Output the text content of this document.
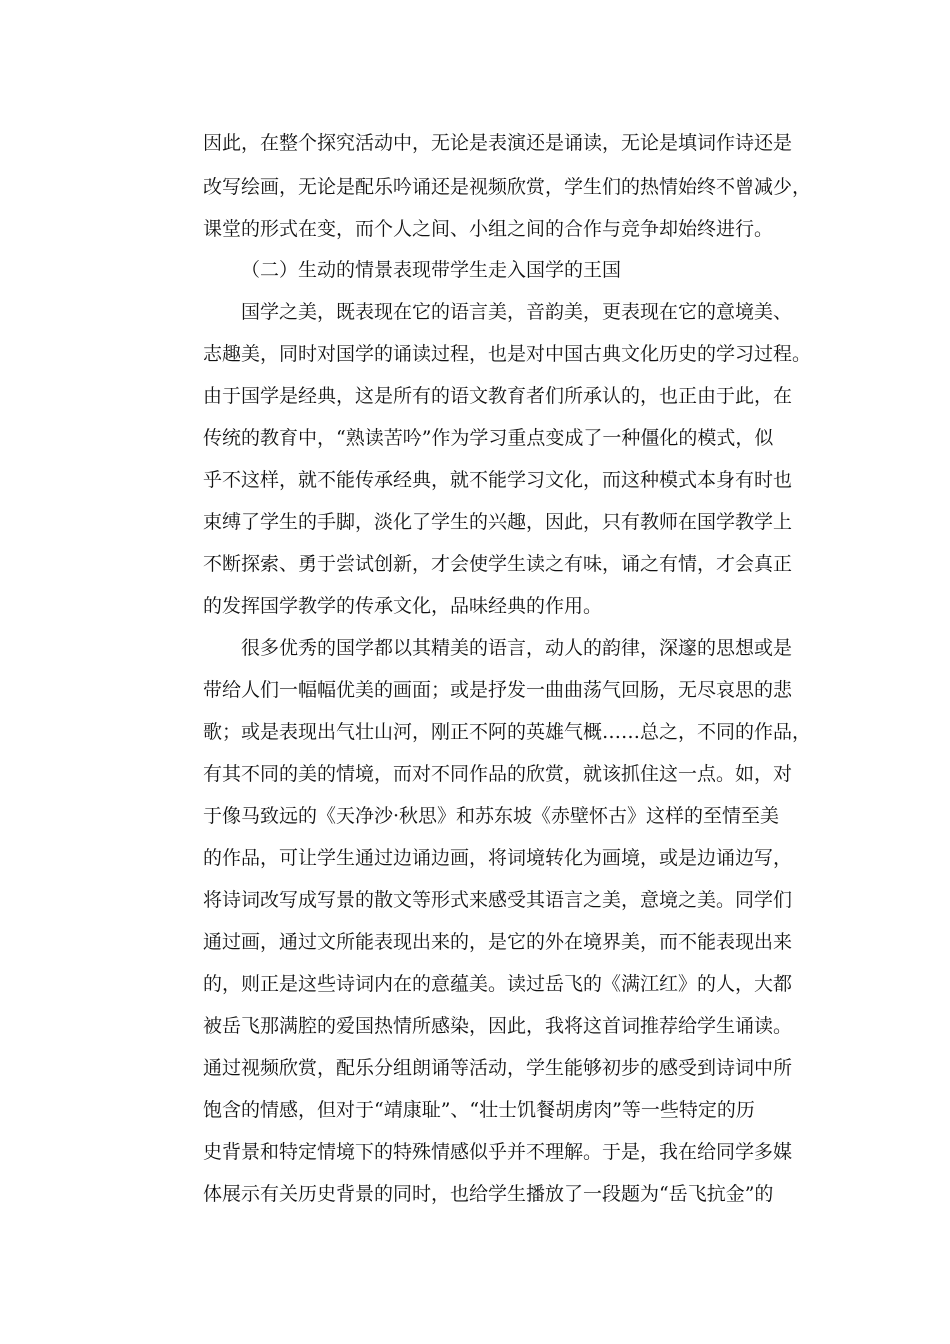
因此，在整个探究活动中，无论是表演还是诵读，无论是填词作诗还是
改写绘画，无论是配乐吟诵还是视频欣赏，学生们的热情始终不曾减少，
课堂的形式在变，而个人之间、小组之间的合作与竞争却始终进行。
（二）生动的情景表现带学生走入国学的王国
国学之美，既表现在它的语言美，音韵美，更表现在它的意境美、
志趣美，同时对国学的诵读过程，也是对中国古典文化历史的学习过程。
由于国学是经典，这是所有的语文教育者们所承认的，也正由于此，在
传统的教育中，“熟读苦吟”作为学习重点变成了一种僵化的模式，似
乎不这样，就不能传承经典，就不能学习文化，而这种模式本身有时也
束缚了学生的手脚，淡化了学生的兴趣，因此，只有教师在国学教学上
不断探索、勇于尝试创新，才会使学生读之有味，诵之有情，才会真正
的发挥国学教学的传承文化，品味经典的作用。
很多优秀的国学都以其精美的语言，动人的韵律，深邃的思想或是
带给人们一幅幅优美的画面；或是抒发一曲曲荡气回肠，无尽哀思的悲
歌；或是表现出气壮山河，刚正不阿的英雄气概……总之，不同的作品，
有其不同的美的情境，而对不同作品的欣赏，就该抓住这一点。如，对
于像马致远的《天净沙·秋思》和苏东坡《赤壁怀古》这样的至情至美
的作品，可让学生通过边诵边画，将词境转化为画境，或是边诵边写，
将诗词改写成写景的散文等形式来感受其语言之美，意境之美。同学们
通过画，通过文所能表现出来的，是它的外在境界美，而不能表现出来
的，则正是这些诗词内在的意蕴美。读过岳飞的《满江红》的人，大都
被岳飞那满腔的爱国热情所感染，因此，我将这首词推荐给学生诵读。
通过视频欣赏，配乐分组朗诵等活动，学生能够初步的感受到诗词中所
饱含的情感，但对于“靖康耻”、“壮士饥餐胡虏肉”等一些特定的历
史背景和特定情境下的特殊情感似乎并不理解。于是，我在给同学多媒
体展示有关历史背景的同时，也给学生播放了一段题为“岳飞抗金”的
